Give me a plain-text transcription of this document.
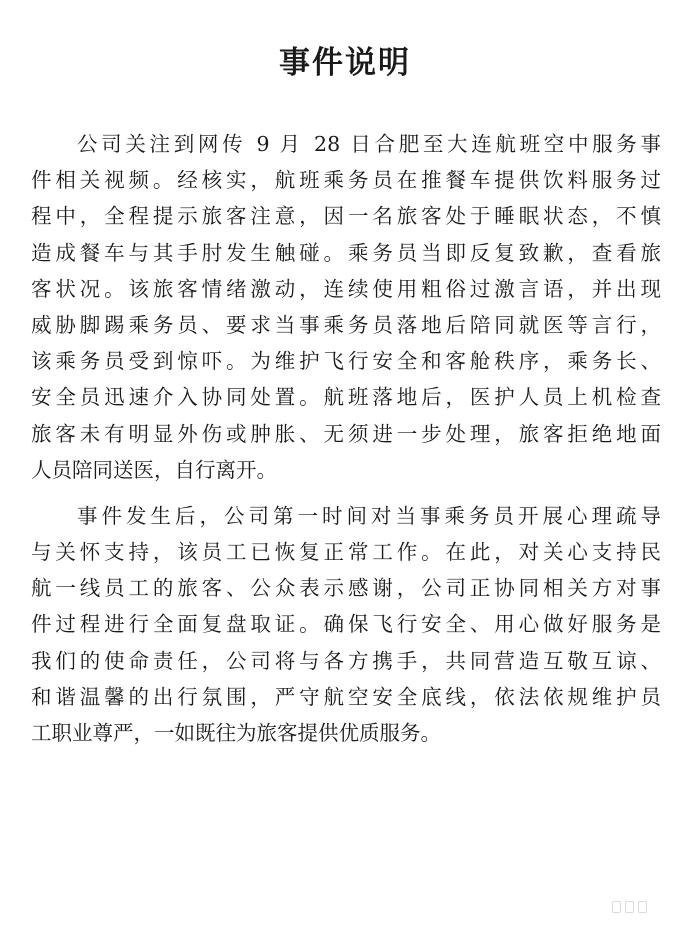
事件说明
公司关注到网传 9 月 28 日合肥至大连航班空中服务事
件相关视频。经核实，航班乘务员在推餐车提供饮料服务过
程中，全程提示旅客注意，因一名旅客处于睡眠状态，不慎
造成餐车与其手肘发生触碰。乘务员当即反复致歉，查看旅
客状况。该旅客情绪激动，连续使用粗俗过激言语，并出现
威胁脚踢乘务员、要求当事乘务员落地后陪同就医等言行，
该乘务员受到惊吓。为维护飞行安全和客舱秩序，乘务长、
安全员迅速介入协同处置。航班落地后，医护人员上机检查
旅客未有明显外伤或肿胀、无须进一步处理，旅客拒绝地面
人员陪同送医，自行离开。
事件发生后，公司第一时间对当事乘务员开展心理疏导
与关怀支持，该员工已恢复正常工作。在此，对关心支持民
航一线员工的旅客、公众表示感谢，公司正协同相关方对事
件过程进行全面复盘取证。确保飞行安全、用心做好服务是
我们的使命责任，公司将与各方携手，共同营造互敬互谅、
和谐温馨的出行氛围，严守航空安全底线，依法依规维护员
工职业尊严，一如既往为旅客提供优质服务。
